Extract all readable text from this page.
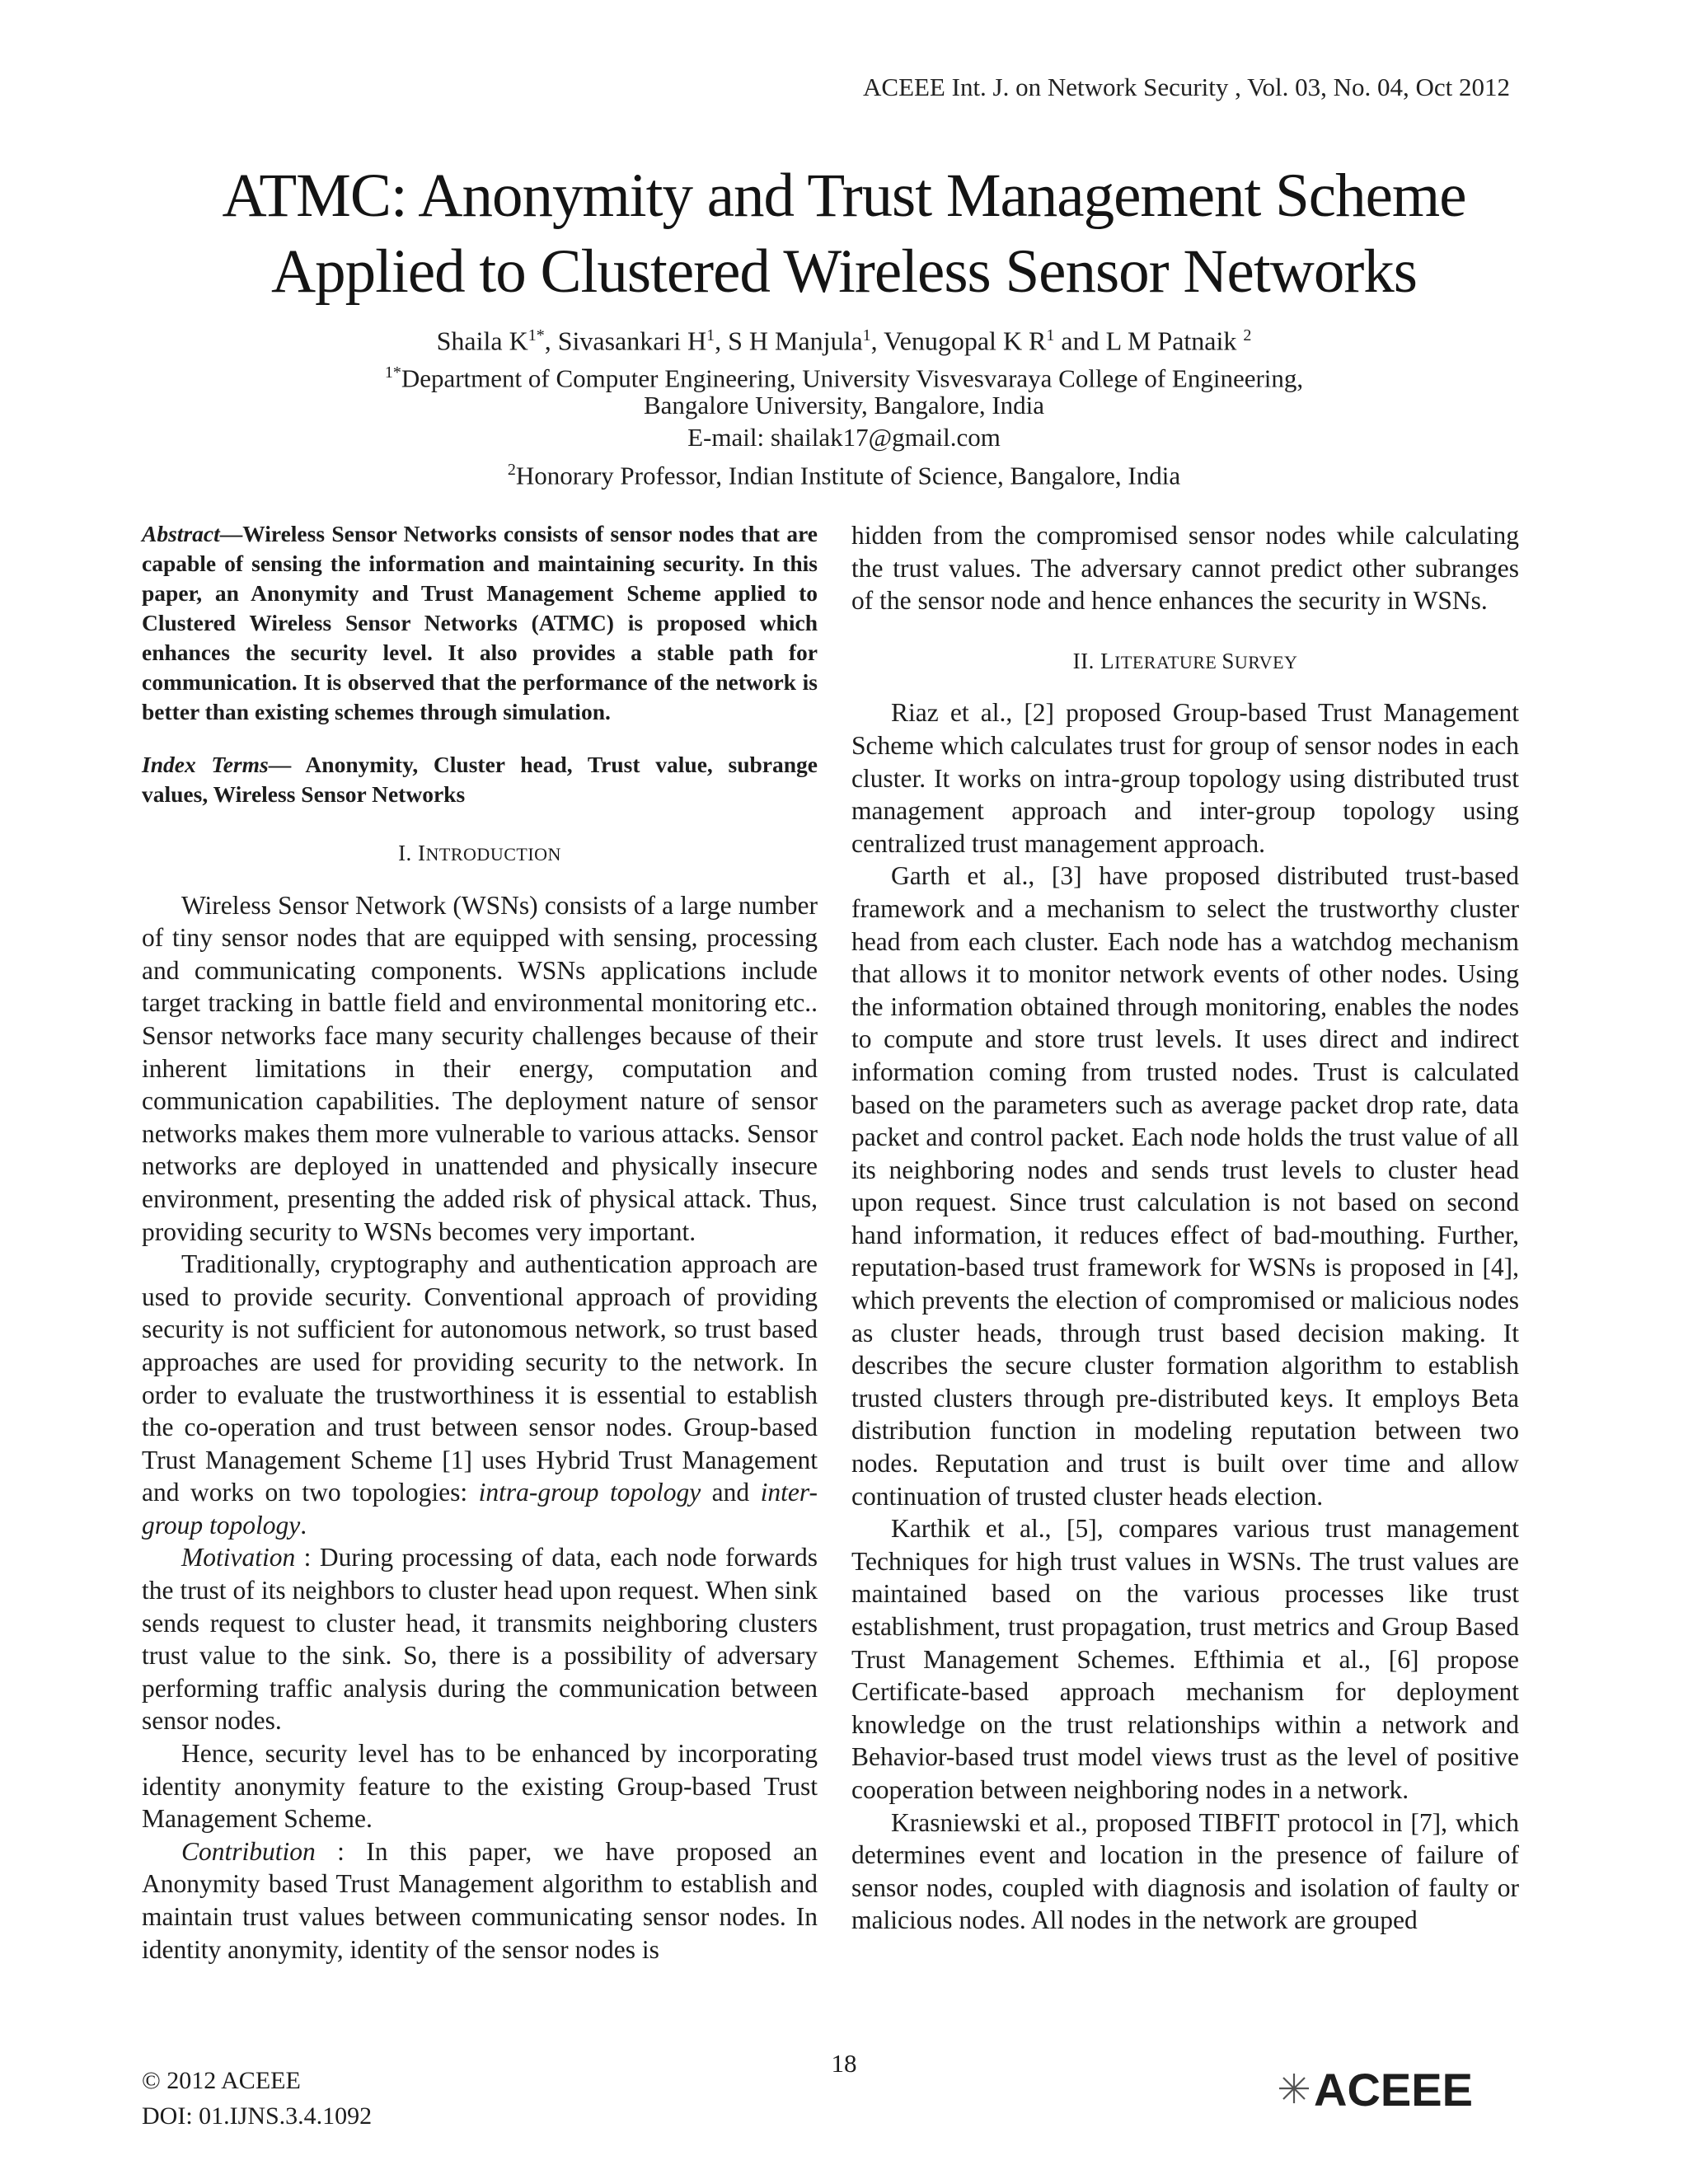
ACEEE Int. J. on Network Security , Vol. 03, No. 04, Oct 2012
ATMC: Anonymity and Trust Management Scheme
Applied to Clustered Wireless Sensor Networks
Shaila $K^{1*}$, Sivasankari $H^1$, S H Manjula$^1$, Venugopal K $R^1$ and L M Patnaik $^2$
$^{1*}$Department of Computer Engineering, University Visvesvaraya College of Engineering,
Bangalore University, Bangalore, India
E-mail: shailak17@gmail.com
$^2$Honorary Professor, Indian Institute of Science, Bangalore, India

Abstract—Wireless Sensor Networks consists of sensor nodes that are capable of sensing the information and maintaining security. In this paper, an Anonymity and Trust Management Scheme applied to Clustered Wireless Sensor Networks (ATMC) is proposed which enhances the security level. It also provides a stable path for communication. It is observed that the performance of the network is better than existing schemes through simulation.

Index Terms— Anonymity, Cluster head, Trust value, subrange values, Wireless Sensor Networks

I. INTRODUCTION

Wireless Sensor Network (WSNs) consists of a large number of tiny sensor nodes that are equipped with sensing, processing and communicating components. WSNs applications include target tracking in battle field and environmental monitoring etc.. Sensor networks face many security challenges because of their inherent limitations in their energy, computation and communication capabilities. The deployment nature of sensor networks makes them more vulnerable to various attacks. Sensor networks are deployed in unattended and physically insecure environment, presenting the added risk of physical attack. Thus, providing security to WSNs becomes very important.

Traditionally, cryptography and authentication approach are used to provide security. Conventional approach of providing security is not sufficient for autonomous network, so trust based approaches are used for providing security to the network. In order to evaluate the trustworthiness it is essential to establish the co-operation and trust between sensor nodes. Group-based Trust Management Scheme [1] uses Hybrid Trust Management and works on two topologies: intra-group topology and inter-group topology.

Motivation : During processing of data, each node forwards the trust of its neighbors to cluster head upon request. When sink sends request to cluster head, it transmits neighboring clusters trust value to the sink. So, there is a possibility of adversary performing traffic analysis during the communication between sensor nodes.

Hence, security level has to be enhanced by incorporating identity anonymity feature to the existing Group-based Trust Management Scheme.

Contribution : In this paper, we have proposed an Anonymity based Trust Management algorithm to establish and maintain trust values between communicating sensor nodes. In identity anonymity, identity of the sensor nodes is

hidden from the compromised sensor nodes while calculating the trust values. The adversary cannot predict other subranges of the sensor node and hence enhances the security in WSNs.

II. LITERATURE SURVEY

Riaz et al., [2] proposed Group-based Trust Management Scheme which calculates trust for group of sensor nodes in each cluster. It works on intra-group topology using distributed trust management approach and inter-group topology using centralized trust management approach.

Garth et al., [3] have proposed distributed trust-based framework and a mechanism to select the trustworthy cluster head from each cluster. Each node has a watchdog mechanism that allows it to monitor network events of other nodes. Using the information obtained through monitoring, enables the nodes to compute and store trust levels. It uses direct and indirect information coming from trusted nodes. Trust is calculated based on the parameters such as average packet drop rate, data packet and control packet. Each node holds the trust value of all its neighboring nodes and sends trust levels to cluster head upon request. Since trust calculation is not based on second hand information, it reduces effect of bad-mouthing. Further, reputation-based trust framework for WSNs is proposed in [4], which prevents the election of compromised or malicious nodes as cluster heads, through trust based decision making. It describes the secure cluster formation algorithm to establish trusted clusters through pre-distributed keys. It employs Beta distribution function in modeling reputation between two nodes. Reputation and trust is built over time and allow continuation of trusted cluster heads election.

Karthik et al., [5], compares various trust management Techniques for high trust values in WSNs. The trust values are maintained based on the various processes like trust establishment, trust propagation, trust metrics and Group Based Trust Management Schemes. Efthimia et al., [6] propose Certificate-based approach mechanism for deployment knowledge on the trust relationships within a network and Behavior-based trust model views trust as the level of positive cooperation between neighboring nodes in a network.

Krasniewski et al., proposed TIBFIT protocol in [7], which determines event and location in the presence of failure of sensor nodes, coupled with diagnosis and isolation of faulty or malicious nodes. All nodes in the network are grouped

© 2012 ACEEE
DOI: 01.IJNS.3.4.1092
18
ACEEE
